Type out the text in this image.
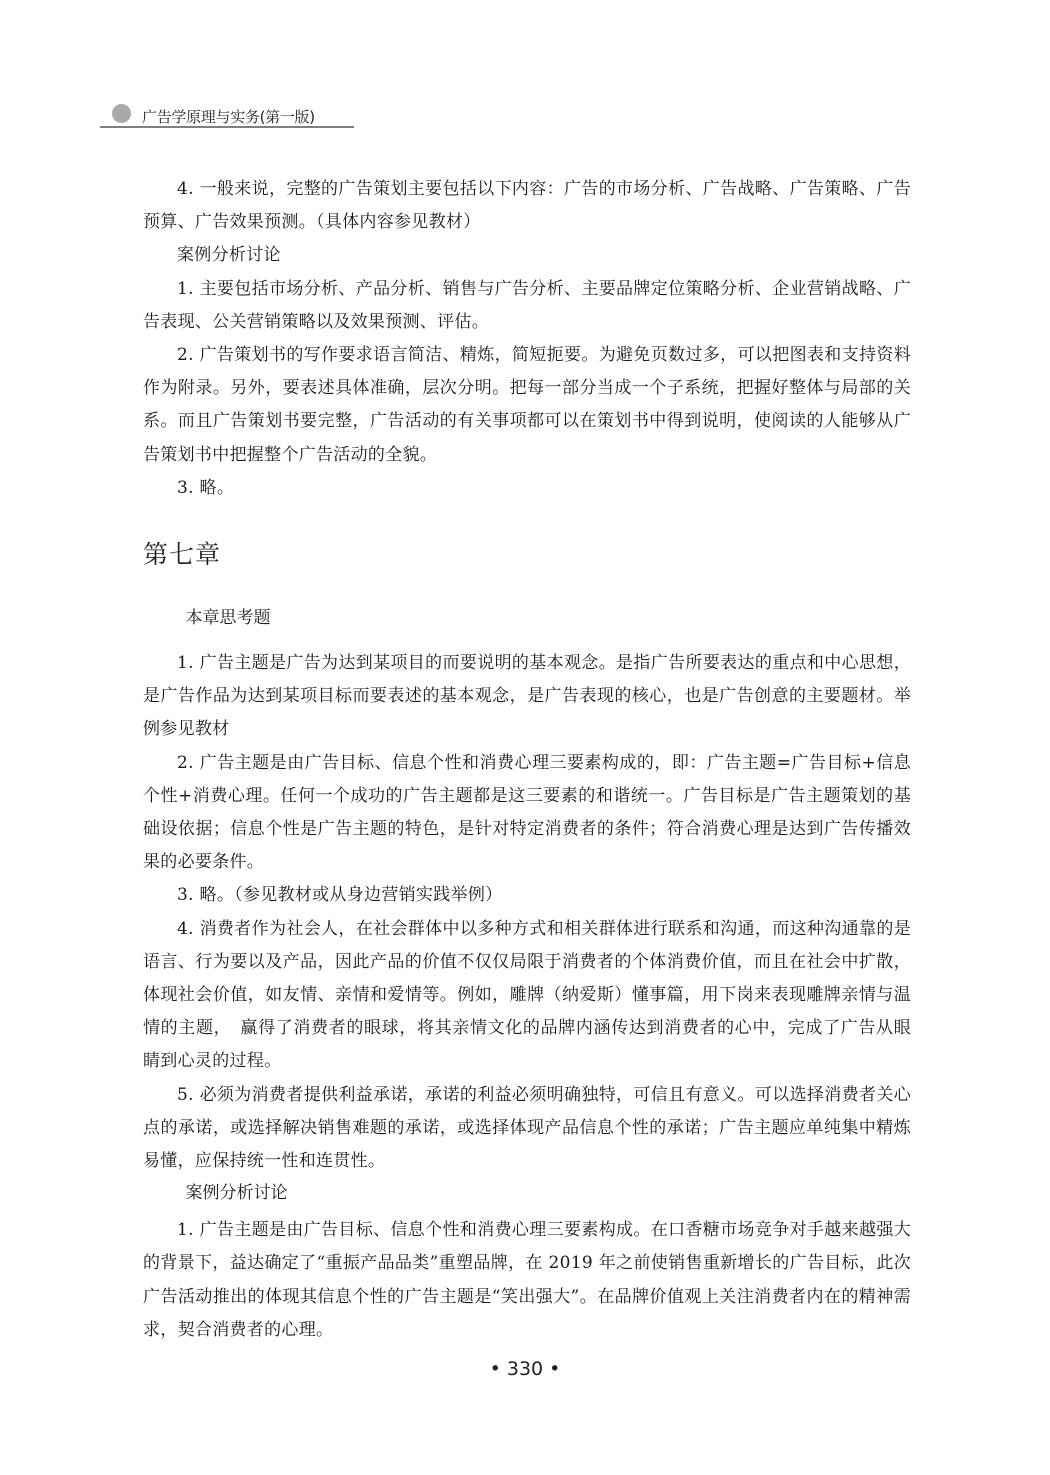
广告学原理与实务(第一版)

4. 一般来说，完整的广告策划主要包括以下内容：广告的市场分析、广告战略、广告策略、广告预算、广告效果预测。（具体内容参见教材）

案例分析讨论

1. 主要包括市场分析、产品分析、销售与广告分析、主要品牌定位策略分析、企业营销战略、广告表现、公关营销策略以及效果预测、评估。

2. 广告策划书的写作要求语言简洁、精炼，简短扼要。为避免页数过多，可以把图表和支持资料作为附录。另外，要表述具体准确，层次分明。把每一部分当成一个子系统，把握好整体与局部的关系。而且广告策划书要完整，广告活动的有关事项都可以在策划书中得到说明，使阅读的人能够从广告策划书中把握整个广告活动的全貌。

3. 略。

第七章
本章思考题

1. 广告主题是广告为达到某项目的而要说明的基本观念。是指广告所要表达的重点和中心思想，是广告作品为达到某项目标而要表述的基本观念，是广告表现的核心，也是广告创意的主要题材。举例参见教材

2. 广告主题是由广告目标、信息个性和消费心理三要素构成的，即：广告主题=广告目标+信息个性+消费心理。任何一个成功的广告主题都是这三要素的和谐统一。广告目标是广告主题策划的基础设依据；信息个性是广告主题的特色，是针对特定消费者的条件；符合消费心理是达到广告传播效果的必要条件。

3. 略。（参见教材或从身边营销实践举例）

4. 消费者作为社会人，在社会群体中以多种方式和相关群体进行联系和沟通，而这种沟通靠的是语言、行为要以及产品，因此产品的价值不仅仅局限于消费者的个体消费价值，而且在社会中扩散，体现社会价值，如友情、亲情和爱情等。例如，雕牌（纳爱斯）懂事篇，用下岗来表现雕牌亲情与温情的主题，　赢得了消费者的眼球，将其亲情文化的品牌内涵传达到消费者的心中，完成了广告从眼睛到心灵的过程。

5. 必须为消费者提供利益承诺，承诺的利益必须明确独特，可信且有意义。可以选择消费者关心点的承诺，或选择解决销售难题的承诺，或选择体现产品信息个性的承诺；广告主题应单纯集中精炼易懂，应保持统一性和连贯性。

案例分析讨论

1. 广告主题是由广告目标、信息个性和消费心理三要素构成。在口香糖市场竞争对手越来越强大的背景下，益达确定了“重振产品品类”重塑品牌，在 2019 年之前使销售重新增长的广告目标，此次广告活动推出的体现其信息个性的广告主题是“笑出强大”。在品牌价值观上关注消费者内在的精神需求，契合消费者的心理。

• 330 •
